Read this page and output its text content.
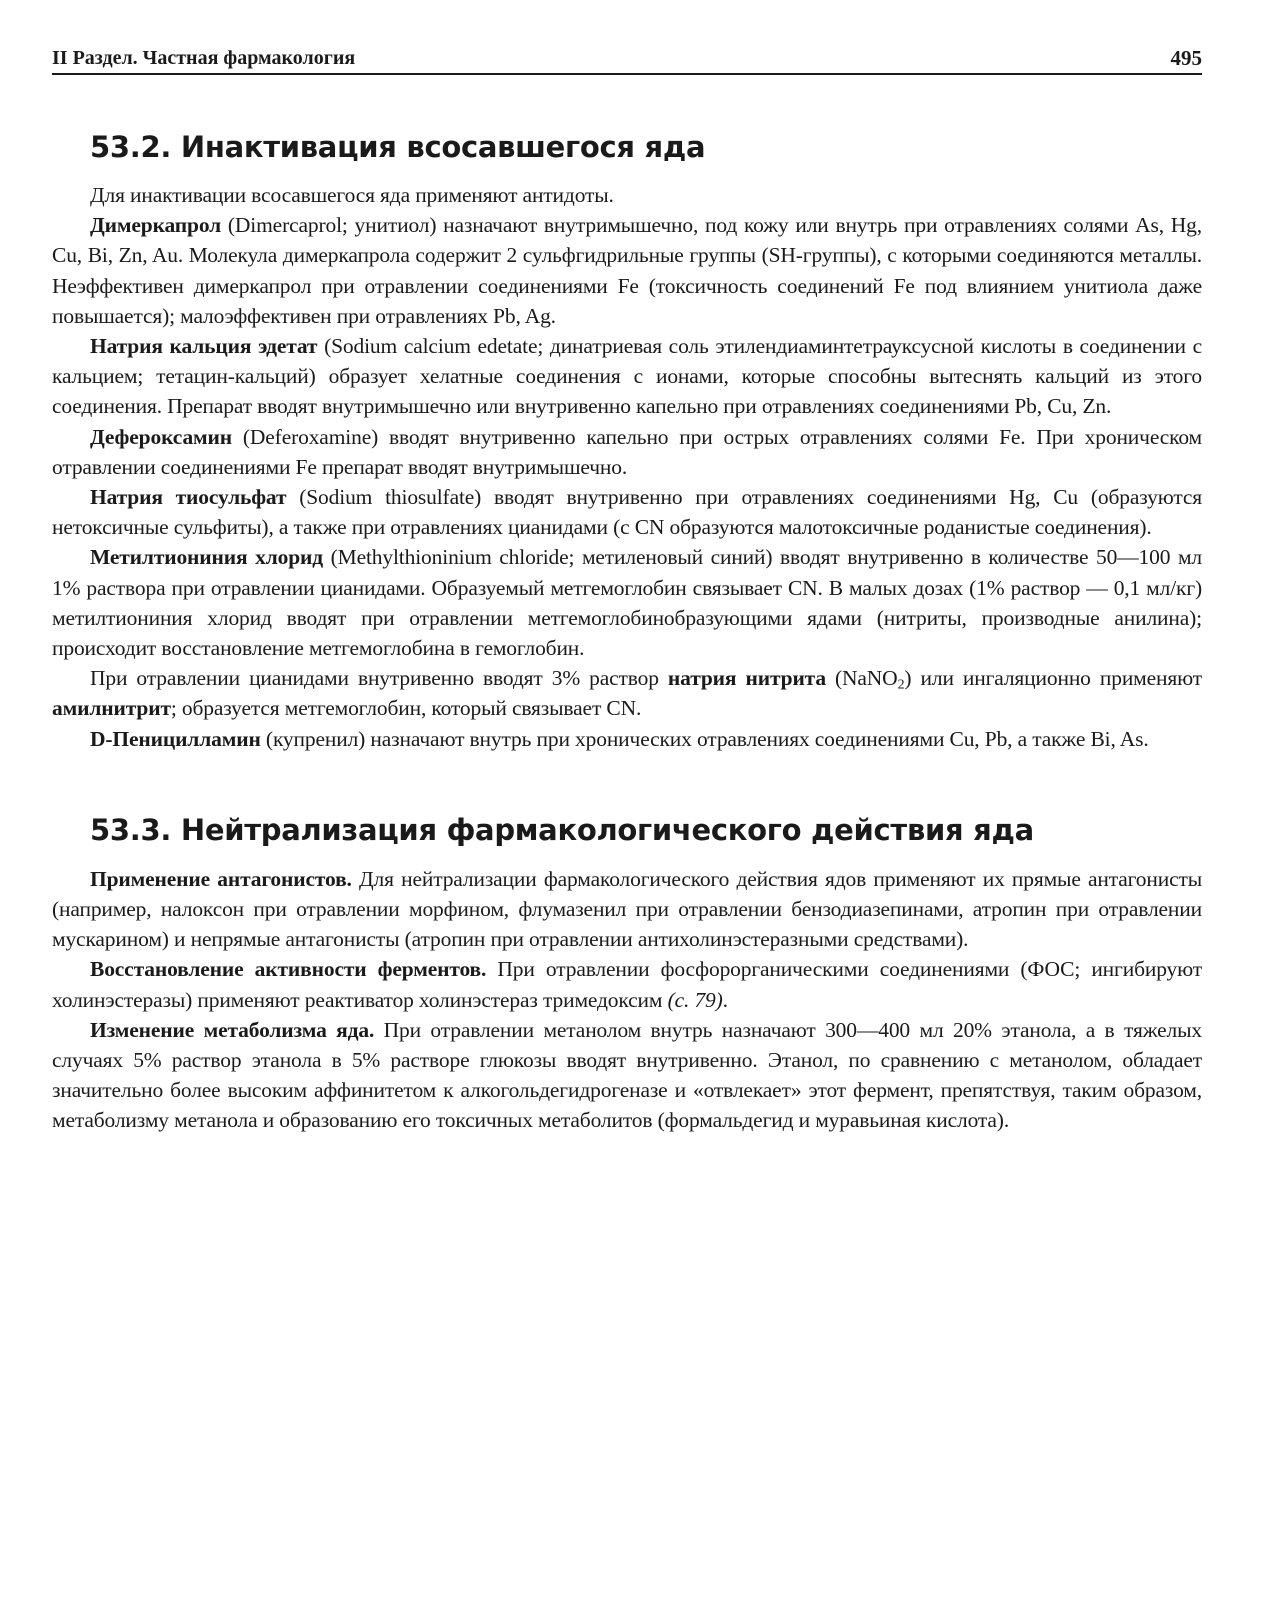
II Раздел. Частная фармакология	495
53.2. Инактивация всосавшегося яда

Для инактивации всосавшегося яда применяют антидоты.

Димеркапрол (Dimercaprol; унитиол) назначают внутримышечно, под кожу или внутрь при отравлениях солями As, Hg, Cu, Bi, Zn, Au. Молекула димеркапрола содержит 2 сульфгидрильные группы (SH-группы), с которыми соединяются металлы. Неэффективен димеркапрол при отравлении соединениями Fe (токсичность соединений Fe под влиянием унитиола даже повышается); малоэффективен при отравлениях Pb, Ag.

Натрия кальция эдетат (Sodium calcium edetate; динатриевая соль этилендиаминтетрауксусной кислоты в соединении с кальцием; тетацин-кальций) образует хелатные соединения с ионами, которые способны вытеснять кальций из этого соединения. Препарат вводят внутримышечно или внутривенно капельно при отравлениях соединениями Pb, Cu, Zn.

Дефероксамин (Deferoxamine) вводят внутривенно капельно при острых отравлениях солями Fe. При хроническом отравлении соединениями Fe препарат вводят внутримышечно.

Натрия тиосульфат (Sodium thiosulfate) вводят внутривенно при отравлениях соединениями Hg, Cu (образуются нетоксичные сульфиты), а также при отравлениях цианидами (с CN образуются малотоксичные роданистые соединения).

Метилтиониния хлорид (Methylthioninium chloride; метиленовый синий) вводят внутривенно в количестве 50—100 мл 1% раствора при отравлении цианидами. Образуемый метгемоглобин связывает CN. В малых дозах (1% раствор — 0,1 мл/кг) метилтиониния хлорид вводят при отравлении метгемоглобинобразующими ядами (нитриты, производные анилина); происходит восстановление метгемоглобина в гемоглобин.

При отравлении цианидами внутривенно вводят 3% раствор натрия нитрита (NaNO$_2$) или ингаляционно применяют амилнитрит; образуется метгемоглобин, который связывает CN.

D-Пеницилламин (купренил) назначают внутрь при хронических отравлениях соединениями Cu, Pb, а также Bi, As.

53.3. Нейтрализация фармакологического действия яда

Применение антагонистов. Для нейтрализации фармакологического действия ядов применяют их прямые антагонисты (например, налоксон при отравлении морфином, флумазенил при отравлении бензодиазепинами, атропин при отравлении мускарином) и непрямые антагонисты (атропин при отравлении антихолинэстеразными средствами).

Восстановление активности ферментов. При отравлении фосфорорганическими соединениями (ФОС; ингибируют холинэстеразы) применяют реактиватор холинэстераз тримедоксим (с. 79).

Изменение метаболизма яда. При отравлении метанолом внутрь назначают 300—400 мл 20% этанола, а в тяжелых случаях 5% раствор этанола в 5% растворе глюкозы вводят внутривенно. Этанол, по сравнению с метанолом, обладает значительно более высоким аффинитетом к алкогольдегидрогеназе и «отвлекает» этот фермент, препятствуя, таким образом, метаболизму метанола и образованию его токсичных метаболитов (формальдегид и муравьиная кислота).
